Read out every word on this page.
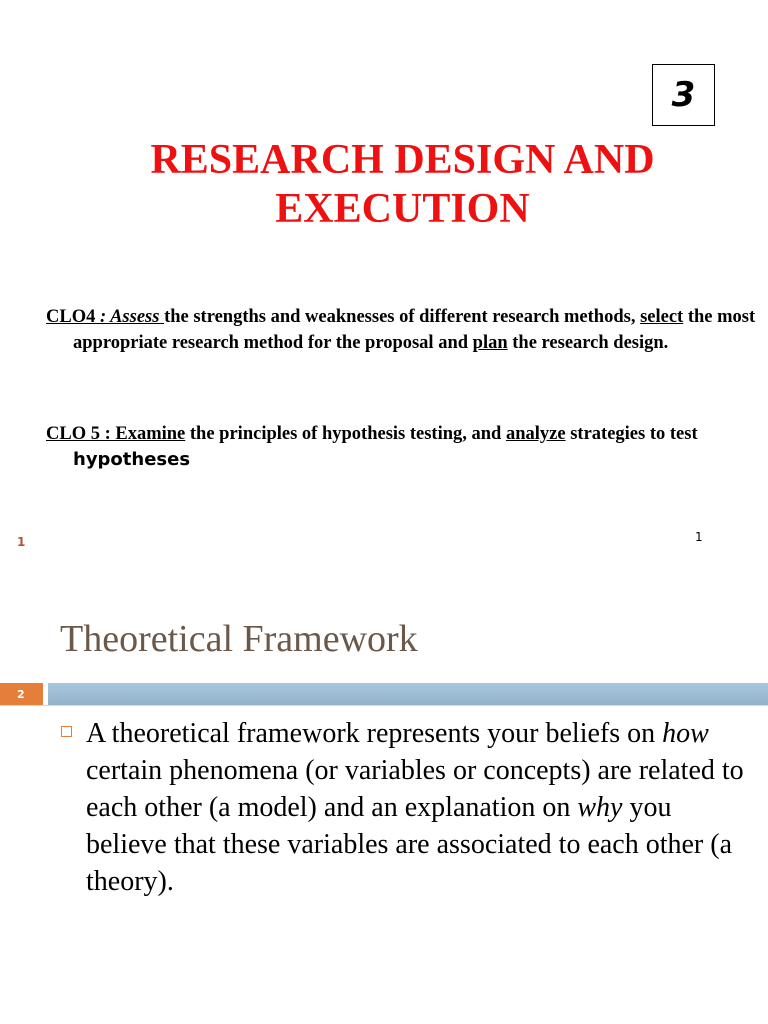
3
RESEARCH DESIGN AND
EXECUTION
CLO4 : Assess the strengths and weaknesses of different research methods, select the most appropriate research method for the proposal and plan the research design.
CLO 5 : Examine the principles of hypothesis testing, and analyze strategies to test hypotheses
1	1
Theoretical Framework
2
A theoretical framework represents your beliefs on how certain phenomena (or variables or concepts) are related to each other (a model) and an explanation on why you believe that these variables are associated to each other (a theory).
